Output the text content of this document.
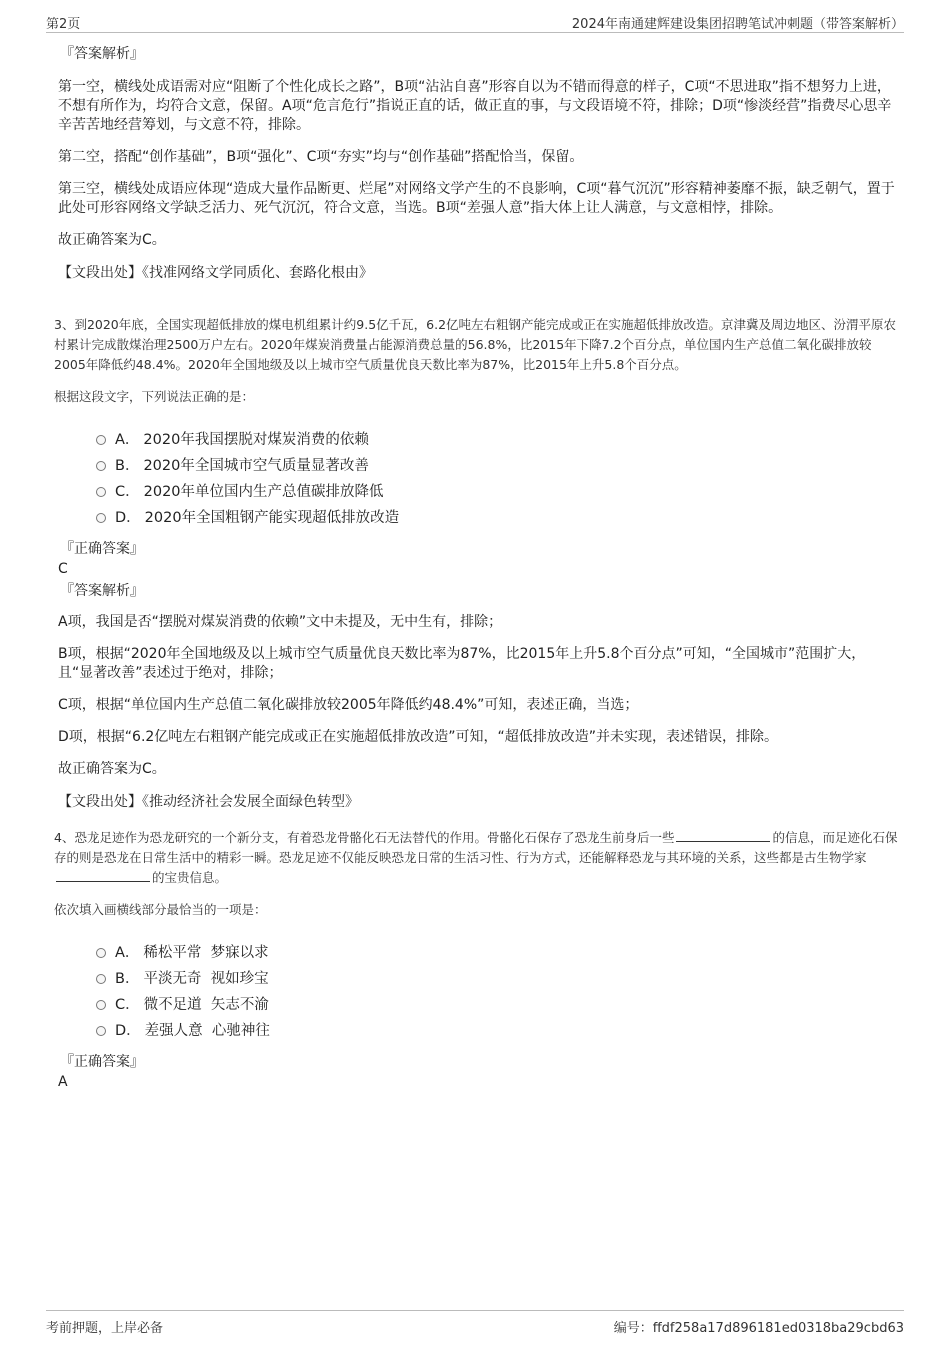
第2页	2024年南通建辉建设集团招聘笔试冲刺题（带答案解析）
『答案解析』
第一空，横线处成语需对应“阻断了个性化成长之路”，B项“沾沾自喜”形容自以为不错而得意的样子，C项“不思进取”指不想努力上进，不想有所作为，均符合文意，保留。A项“危言危行”指说正直的话，做正直的事，与文段语境不符，排除；D项“惨淡经营”指费尽心思辛辛苦苦地经营筹划，与文意不符，排除。
第二空，搭配“创作基础”，B项“强化”、C项“夯实”均与“创作基础”搭配恰当，保留。
第三空，横线处成语应体现“造成大量作品断更、烂尾”对网络文学产生的不良影响，C项“暮气沉沉”形容精神萎靡不振，缺乏朝气，置于此处可形容网络文学缺乏活力、死气沉沉，符合文意，当选。B项“差强人意”指大体上让人满意，与文意相悖，排除。
故正确答案为C。
【文段出处】《找准网络文学同质化、套路化根由》
3、到2020年底，全国实现超低排放的煤电机组累计约9.5亿千瓦，6.2亿吨左右粗钢产能完成或正在实施超低排放改造。京津冀及周边地区、汾渭平原农村累计完成散煤治理2500万户左右。2020年煤炭消费量占能源消费总量的56.8%，比2015年下降7.2个百分点，单位国内生产总值二氧化碳排放较2005年降低约48.4%。2020年全国地级及以上城市空气质量优良天数比率为87%，比2015年上升5.8个百分点。
根据这段文字，下列说法正确的是：
A． 2020年我国摆脱对煤炭消费的依赖
B． 2020年全国城市空气质量显著改善
C． 2020年单位国内生产总值碳排放降低
D． 2020年全国粗钢产能实现超低排放改造
『正确答案』
C
『答案解析』
A项，我国是否“摆脱对煤炭消费的依赖”文中未提及，无中生有，排除；
B项，根据“2020年全国地级及以上城市空气质量优良天数比率为87%，比2015年上升5.8个百分点”可知，“全国城市”范围扩大，且“显著改善”表述过于绝对，排除；
C项，根据“单位国内生产总值二氧化碳排放较2005年降低约48.4%”可知，表述正确，当选；
D项，根据“6.2亿吨左右粗钢产能完成或正在实施超低排放改造”可知，“超低排放改造”并未实现，表述错误，排除。
故正确答案为C。
【文段出处】《推动经济社会发展全面绿色转型》
4、恐龙足迹作为恐龙研究的一个新分支，有着恐龙骨骼化石无法替代的作用。骨骼化石保存了恐龙生前身后一些	的信息，而足迹化石保存的则是恐龙在日常生活中的精彩一瞬。恐龙足迹不仅能反映恐龙日常的生活习性、行为方式，还能解释恐龙与其环境的关系，这些都是古生物学家的宝贵信息。
依次填入画横线部分最恰当的一项是：
A． 稀松平常  梦寐以求
B． 平淡无奇  视如珍宝
C． 微不足道  矢志不渝
D． 差强人意  心驰神往
『正确答案』
A
考前押题，上岸必备	编号：ffdf258a17d896181ed0318ba29cbd63
